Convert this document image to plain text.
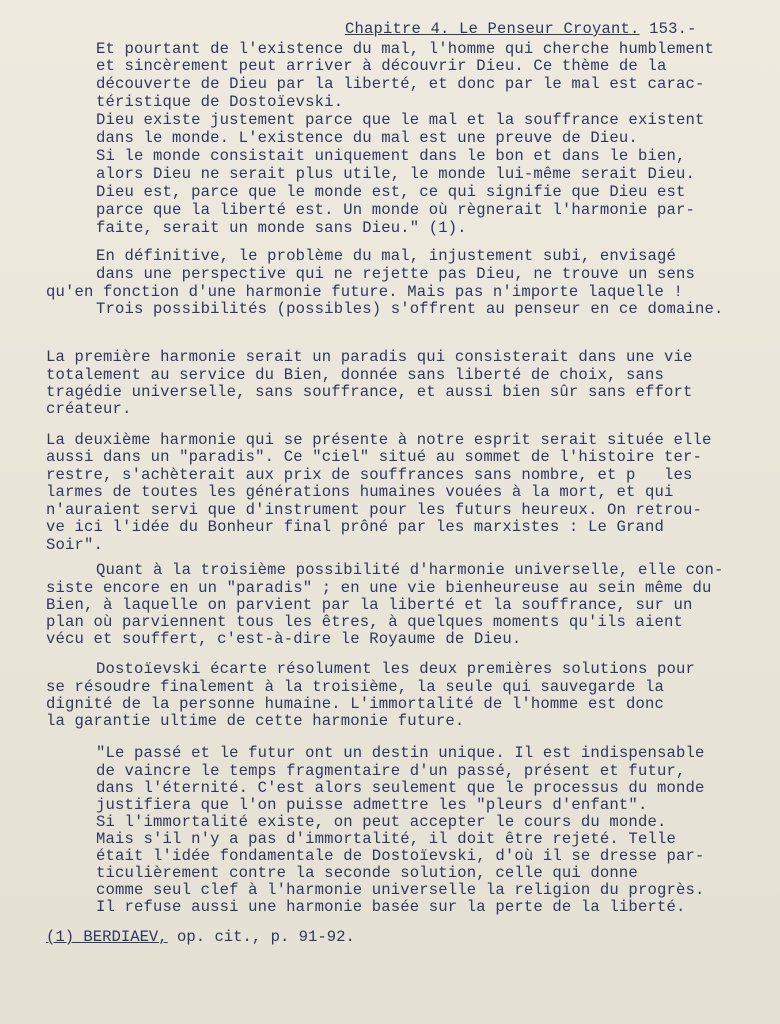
Chapitre 4. Le Penseur Croyant. 153.-
Et pourtant de l'existence du mal, l'homme qui cherche humblement
et sincèrement peut arriver à découvrir Dieu. Ce thème de la
découverte de Dieu par la liberté, et donc par le mal est carac-
téristique de Dostoïevski.
Dieu existe justement parce que le mal et la souffrance existent
dans le monde. L'existence du mal est une preuve de Dieu.
Si le monde consistait uniquement dans le bon et dans le bien,
alors Dieu ne serait plus utile, le monde lui-même serait Dieu.
Dieu est, parce que le monde est, ce qui signifie que Dieu est
parce que la liberté est. Un monde où règnerait l'harmonie par-
faite, serait un monde sans Dieu." (1).
En définitive, le problème du mal, injustement subi, envisagé
dans une perspective qui ne rejette pas Dieu, ne trouve un sens
qu'en fonction d'une harmonie future. Mais pas n'importe laquelle !
Trois possibilités (possibles) s'offrent au penseur en ce domaine.
La première harmonie serait un paradis qui consisterait dans une vie
totalement au service du Bien, donnée sans liberté de choix, sans
tragédie universelle, sans souffrance, et aussi bien sûr sans effort
créateur.
La deuxième harmonie qui se présente à notre esprit serait située elle
aussi dans un "paradis". Ce "ciel" situé au sommet de l'histoire ter-
restre, s'achèterait aux prix de souffrances sans nombre, et p   les
larmes de toutes les générations humaines vouées à la mort, et qui
n'auraient servi que d'instrument pour les futurs heureux. On retrou-
ve ici l'idée du Bonheur final prôné par les marxistes : Le Grand
Soir".
Quant à la troisième possibilité d'harmonie universelle, elle con-
siste encore en un "paradis" ; en une vie bienheureuse au sein même du
Bien, à laquelle on parvient par la liberté et la souffrance, sur un
plan où parviennent tous les êtres, à quelques moments qu'ils aient
vécu et souffert, c'est-à-dire le Royaume de Dieu.
Dostoïevski écarte résolument les deux premières solutions pour
se résoudre finalement à la troisième, la seule qui sauvegarde la
dignité de la personne humaine. L'immortalité de l'homme est donc
la garantie ultime de cette harmonie future.
"Le passé et le futur ont un destin unique. Il est indispensable
de vaincre le temps fragmentaire d'un passé, présent et futur,
dans l'éternité. C'est alors seulement que le processus du monde
justifiera que l'on puisse admettre les "pleurs d'enfant".
Si l'immortalité existe, on peut accepter le cours du monde.
Mais s'il n'y a pas d'immortalité, il doit être rejeté. Telle
était l'idée fondamentale de Dostoïevski, d'où il se dresse par-
ticulièrement contre la seconde solution, celle qui donne
comme seul clef à l'harmonie universelle la religion du progrès.
Il refuse aussi une harmonie basée sur la perte de la liberté.
(1) BERDIAEV, op. cit., p. 91-92.
